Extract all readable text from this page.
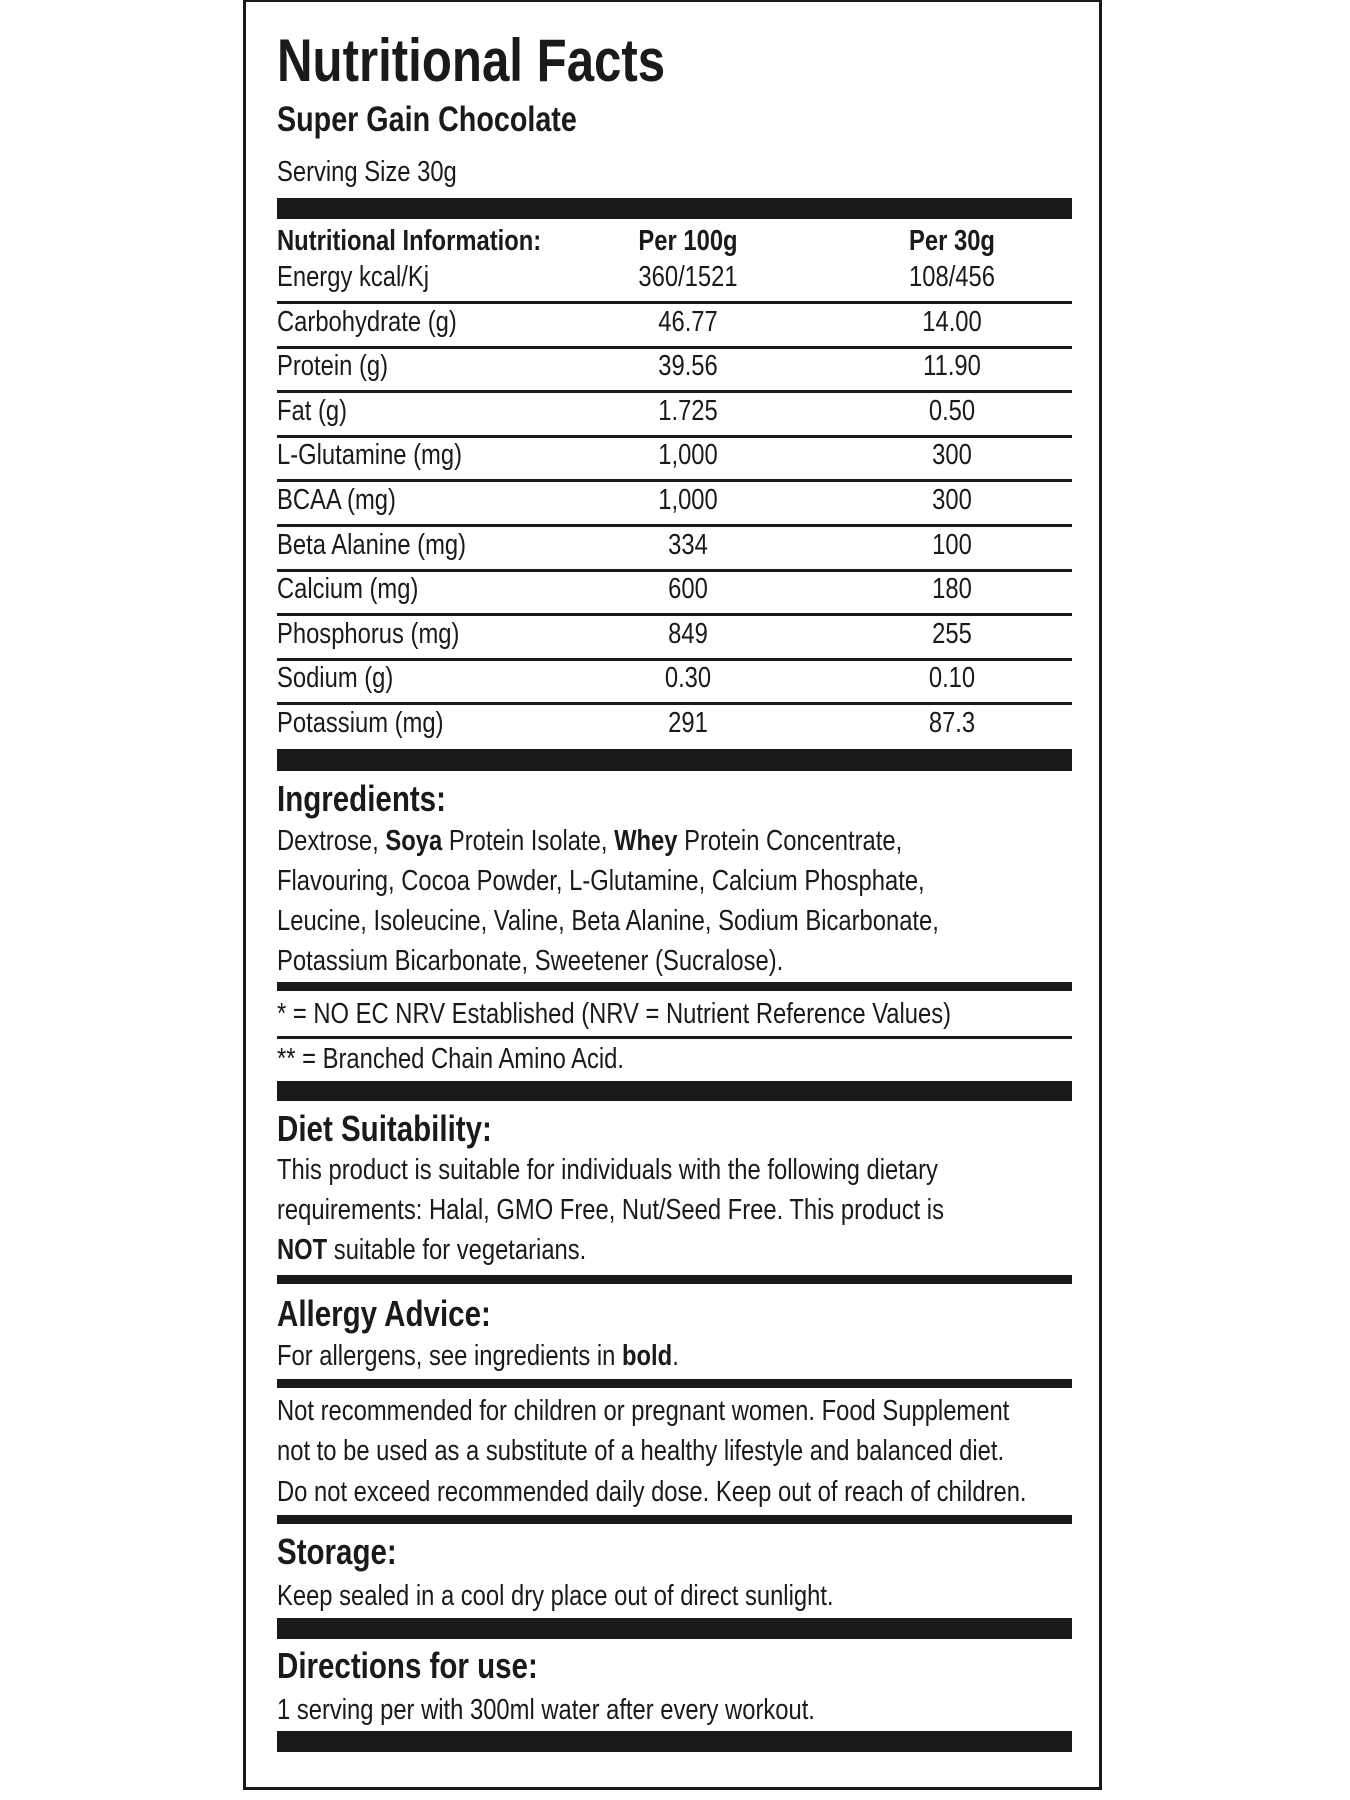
Nutritional Facts
Super Gain Chocolate
Serving Size 30g
Nutritional Information:	Per 100g	Per 30g
Energy kcal/Kj	360/1521	108/456
Carbohydrate (g)	46.77	14.00
Protein (g)	39.56	11.90
Fat (g)	1.725	0.50
L-Glutamine (mg)	1,000	300
BCAA (mg)	1,000	300
Beta Alanine (mg)	334	100
Calcium (mg)	600	180
Phosphorus (mg)	849	255
Sodium (g)	0.30	0.10
Potassium (mg)	291	87.3
Ingredients:
Dextrose, Soya Protein Isolate, Whey Protein Concentrate,
Flavouring, Cocoa Powder, L-Glutamine, Calcium Phosphate,
Leucine, Isoleucine, Valine, Beta Alanine, Sodium Bicarbonate,
Potassium Bicarbonate, Sweetener (Sucralose).
* = NO EC NRV Established (NRV = Nutrient Reference Values)
** = Branched Chain Amino Acid.
Diet Suitability:
This product is suitable for individuals with the following dietary
requirements: Halal, GMO Free, Nut/Seed Free. This product is
NOT suitable for vegetarians.
Allergy Advice:
For allergens, see ingredients in bold.
Not recommended for children or pregnant women. Food Supplement
not to be used as a substitute of a healthy lifestyle and balanced diet.
Do not exceed recommended daily dose. Keep out of reach of children.
Storage:
Keep sealed in a cool dry place out of direct sunlight.
Directions for use:
1 serving per with 300ml water after every workout.
